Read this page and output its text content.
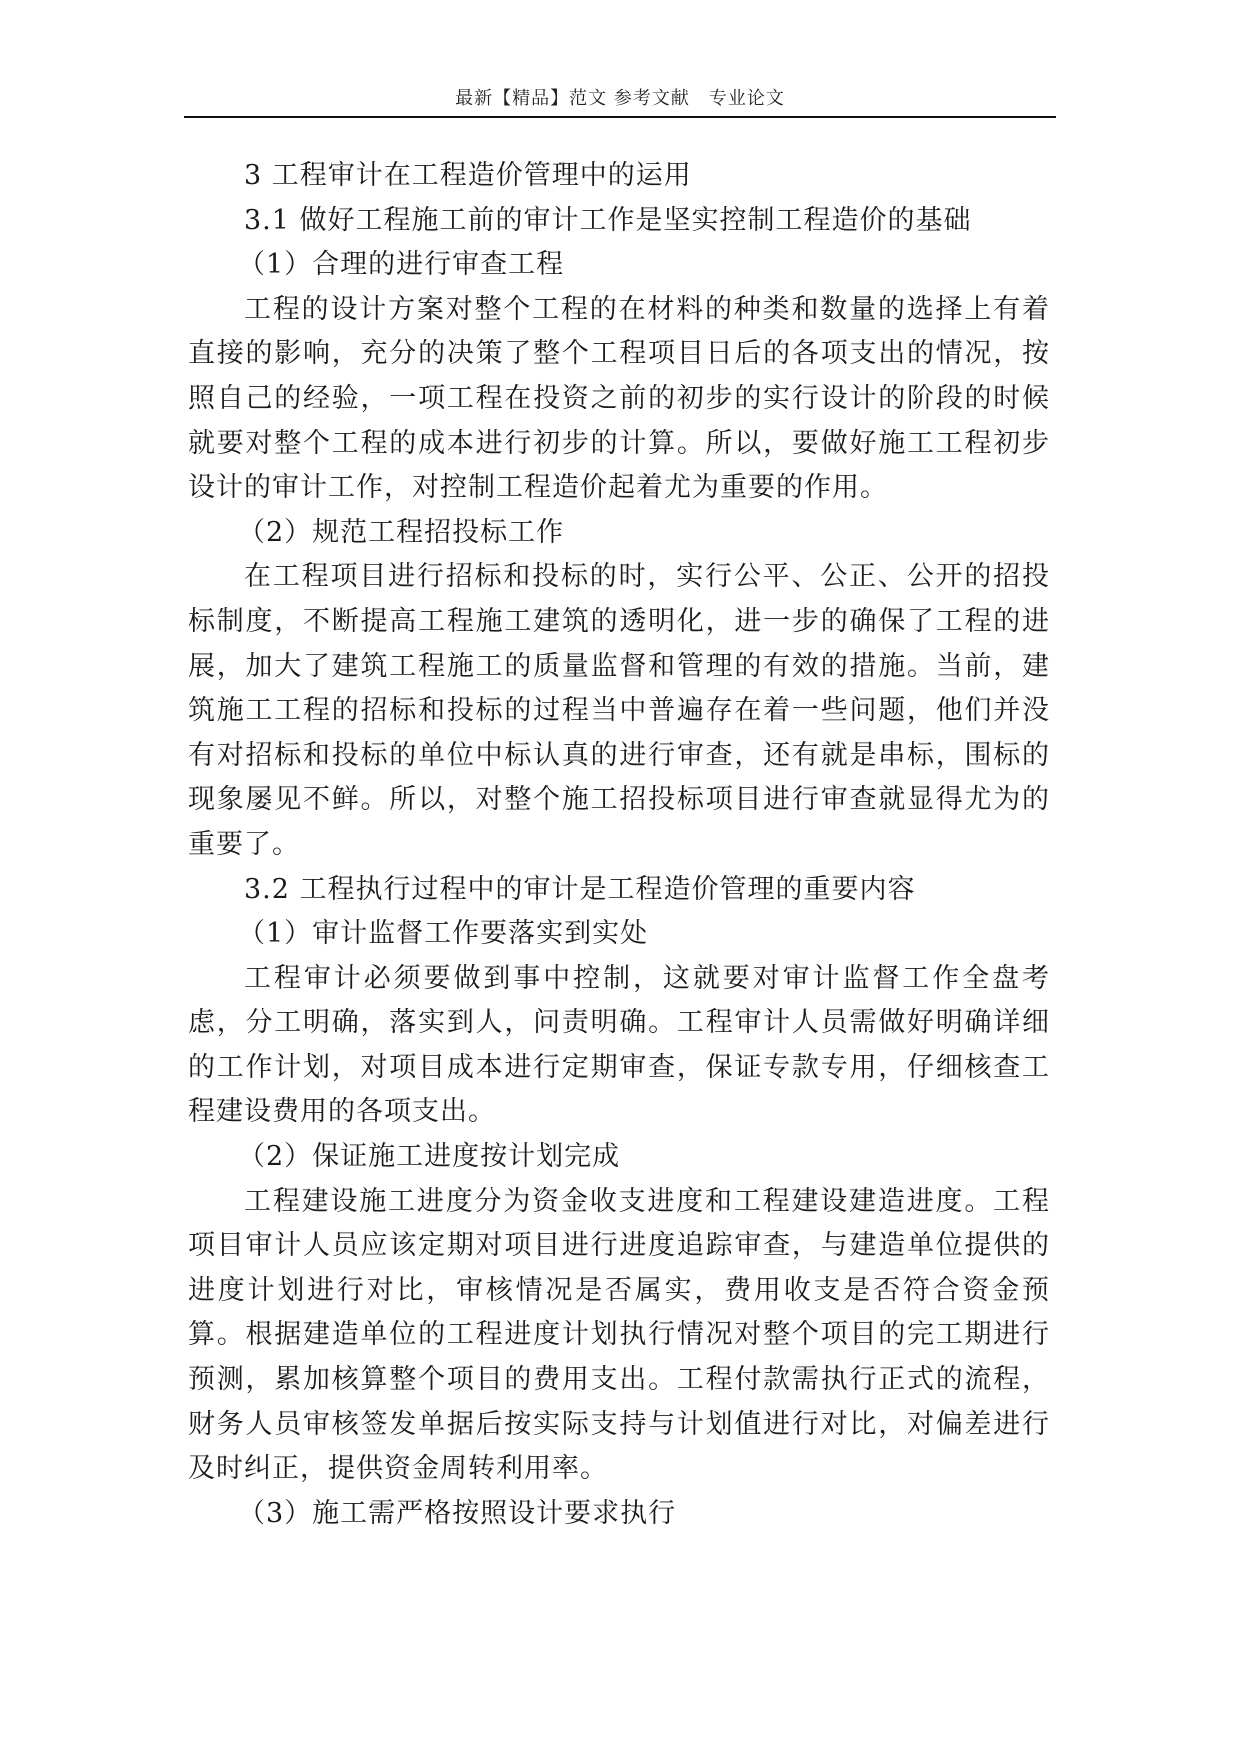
最新【精品】范文 参考文献　专业论文

3 工程审计在工程造价管理中的运用

3.1 做好工程施工前的审计工作是坚实控制工程造价的基础

（1）合理的进行审查工程

工程的设计方案对整个工程的在材料的种类和数量的选择上有着直接的影响，充分的决策了整个工程项目日后的各项支出的情况，按照自己的经验，一项工程在投资之前的初步的实行设计的阶段的时候就要对整个工程的成本进行初步的计算。所以，要做好施工工程初步设计的审计工作，对控制工程造价起着尤为重要的作用。

（2）规范工程招投标工作

在工程项目进行招标和投标的时，实行公平、公正、公开的招投标制度，不断提高工程施工建筑的透明化，进一步的确保了工程的进展，加大了建筑工程施工的质量监督和管理的有效的措施。当前，建筑施工工程的招标和投标的过程当中普遍存在着一些问题，他们并没有对招标和投标的单位中标认真的进行审查，还有就是串标，围标的现象屡见不鲜。所以，对整个施工招投标项目进行审查就显得尤为的重要了。

3.2 工程执行过程中的审计是工程造价管理的重要内容

（1）审计监督工作要落实到实处

工程审计必须要做到事中控制，这就要对审计监督工作全盘考虑，分工明确，落实到人，问责明确。工程审计人员需做好明确详细的工作计划，对项目成本进行定期审查，保证专款专用，仔细核查工程建设费用的各项支出。

（2）保证施工进度按计划完成

工程建设施工进度分为资金收支进度和工程建设建造进度。工程项目审计人员应该定期对项目进行进度追踪审查，与建造单位提供的进度计划进行对比，审核情况是否属实，费用收支是否符合资金预算。根据建造单位的工程进度计划执行情况对整个项目的完工期进行预测，累加核算整个项目的费用支出。工程付款需执行正式的流程，财务人员审核签发单据后按实际支持与计划值进行对比，对偏差进行及时纠正，提供资金周转利用率。

（3）施工需严格按照设计要求执行
